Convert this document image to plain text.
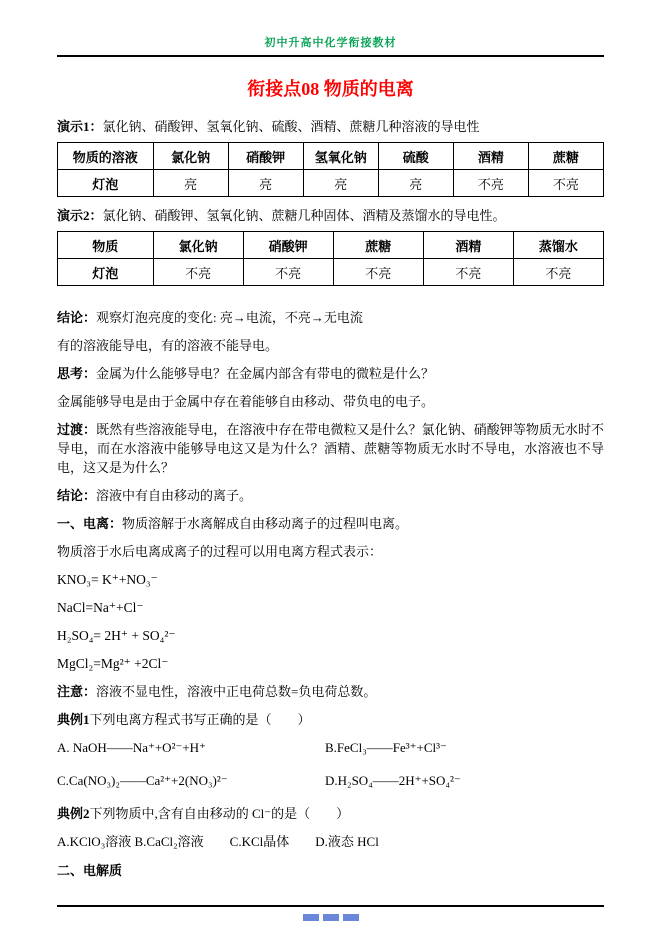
初中升高中化学衔接教材
衔接点08 物质的电离

演示1：氯化钠、硝酸钾、氢氧化钠、硫酸、酒精、蔗糖几种溶液的导电性

物质的溶液	氯化钠	硝酸钾	氢氧化钠	硫酸	酒精	蔗糖
灯泡	亮	亮	亮	亮	不亮	不亮

演示2：氯化钠、硝酸钾、氢氧化钠、蔗糖几种固体、酒精及蒸馏水的导电性。

物质	氯化钠	硝酸钾	蔗糖	酒精	蒸馏水
灯泡	不亮	不亮	不亮	不亮	不亮

结论：观察灯泡亮度的变化: 亮→电流，不亮→无电流

有的溶液能导电，有的溶液不能导电。

思考：金属为什么能够导电？在金属内部含有带电的微粒是什么？

金属能够导电是由于金属中存在着能够自由移动、带负电的电子。

过渡：既然有些溶液能导电，在溶液中存在带电微粒又是什么？氯化钠、硝酸钾等物质无水时不导电，而在水溶液中能够导电这又是为什么？酒精、蔗糖等物质无水时不导电，水溶液也不导电，这又是为什么？

结论：溶液中有自由移动的离子。

一、电离：物质溶解于水离解成自由移动离子的过程叫电离。

物质溶于水后电离成离子的过程可以用电离方程式表示：

KNO₃= K⁺+NO₃⁻

NaCl=Na⁺+Cl⁻

H₂SO₄= 2H⁺ + SO₄²⁻

MgCl₂=Mg²⁺ +2Cl⁻

注意：溶液不显电性，溶液中正电荷总数=负电荷总数。

典例1下列电离方程式书写正确的是（　　）

A. NaOH——Na⁺+O²⁻+H⁺	B.FeCl₃——Fe³⁺+Cl³⁻
C.Ca(NO₃)₂——Ca²⁺+2(NO₃)²⁻	D.H₂SO₄——2H⁺+SO₄²⁻

典例2下列物质中,含有自由移动的 Cl⁻的是（　　）

A.KClO₃溶液 B.CaCl₂溶液　　C.KCl晶体　　D.液态 HCl

二、电解质
